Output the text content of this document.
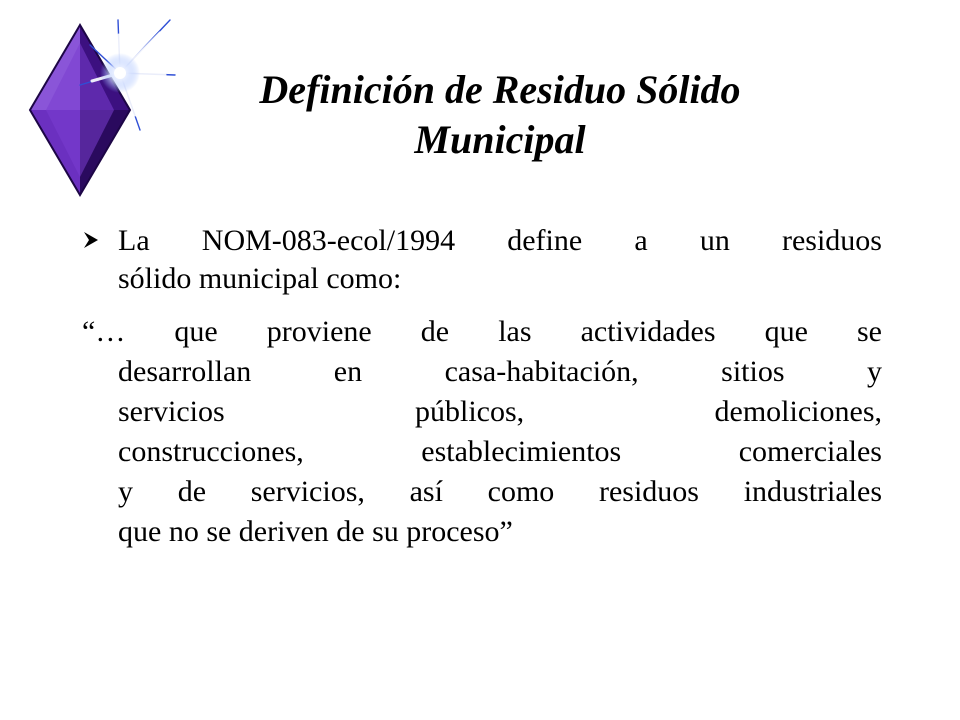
Definición de Residuo Sólido
Municipal
La NOM-083-ecol/1994 define a un residuos
sólido municipal como:
“… que proviene de las actividades que se
desarrollan en casa-habitación, sitios y
servicios públicos, demoliciones,
construcciones, establecimientos comerciales
y de servicios, así como residuos industriales
que no se deriven de su proceso”
